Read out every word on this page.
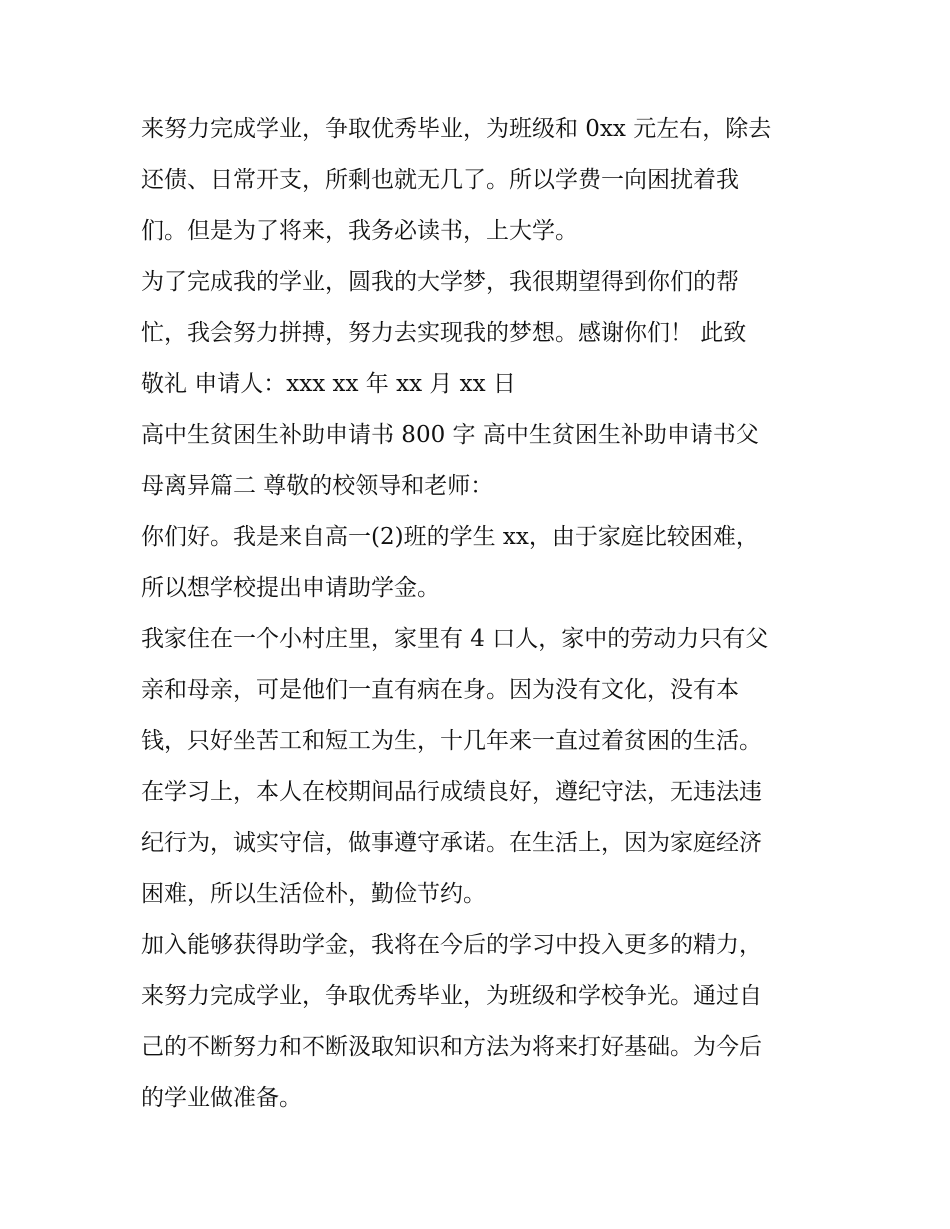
来努力完成学业，争取优秀毕业，为班级和 0xx 元左右，除去
还债、日常开支，所剩也就无几了。所以学费一向困扰着我
们。但是为了将来，我务必读书，上大学。
为了完成我的学业，圆我的大学梦，我很期望得到你们的帮
忙，我会努力拼搏，努力去实现我的梦想。感谢你们！ 此致
敬礼 申请人：xxx xx 年 xx 月 xx 日
高中生贫困生补助申请书 800 字 高中生贫困生补助申请书父
母离异篇二 尊敬的校领导和老师：
你们好。我是来自高一(2)班的学生 xx，由于家庭比较困难，
所以想学校提出申请助学金。
我家住在一个小村庄里，家里有 4 口人，家中的劳动力只有父
亲和母亲，可是他们一直有病在身。因为没有文化，没有本
钱，只好坐苦工和短工为生，十几年来一直过着贫困的生活。
在学习上，本人在校期间品行成绩良好，遵纪守法，无违法违
纪行为，诚实守信，做事遵守承诺。在生活上，因为家庭经济
困难，所以生活俭朴，勤俭节约。
加入能够获得助学金，我将在今后的学习中投入更多的精力，
来努力完成学业，争取优秀毕业，为班级和学校争光。通过自
己的不断努力和不断汲取知识和方法为将来打好基础。为今后
的学业做准备。
